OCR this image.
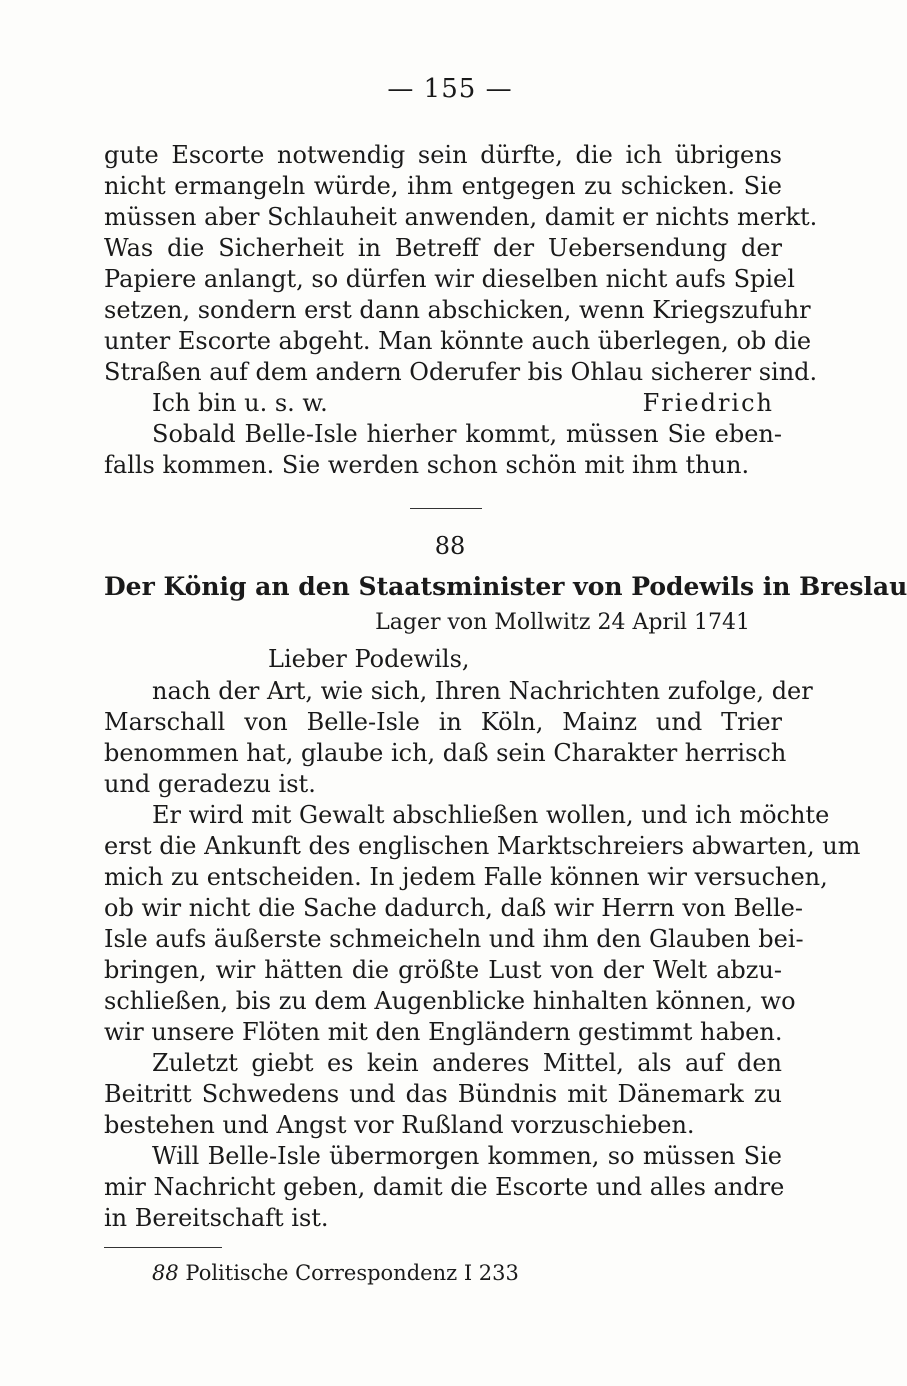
— 155 —
gute Escorte notwendig sein dürfte, die ich übrigens
nicht ermangeln würde, ihm entgegen zu schicken. Sie
müssen aber Schlauheit anwenden, damit er nichts merkt.
Was die Sicherheit in Betreff der Uebersendung der
Papiere anlangt, so dürfen wir dieselben nicht aufs Spiel
setzen, sondern erst dann abschicken, wenn Kriegszufuhr
unter Escorte abgeht. Man könnte auch überlegen, ob die
Straßen auf dem andern Oderufer bis Ohlau sicherer sind.
Ich bin u. s. w.	Friedrich
Sobald Belle-Isle hierher kommt, müssen Sie eben-
falls kommen. Sie werden schon schön mit ihm thun.
88
Der König an den Staatsminister von Podewils in Breslau
Lager von Mollwitz 24 April 1741
Lieber Podewils,
nach der Art, wie sich, Ihren Nachrichten zufolge, der
Marschall von Belle-Isle in Köln, Mainz und Trier
benommen hat, glaube ich, daß sein Charakter herrisch
und geradezu ist.
Er wird mit Gewalt abschließen wollen, und ich möchte
erst die Ankunft des englischen Marktschreiers abwarten, um
mich zu entscheiden. In jedem Falle können wir versuchen,
ob wir nicht die Sache dadurch, daß wir Herrn von Belle-
Isle aufs äußerste schmeicheln und ihm den Glauben bei-
bringen, wir hätten die größte Lust von der Welt abzu-
schließen, bis zu dem Augenblicke hinhalten können, wo
wir unsere Flöten mit den Engländern gestimmt haben.
Zuletzt giebt es kein anderes Mittel, als auf den
Beitritt Schwedens und das Bündnis mit Dänemark zu
bestehen und Angst vor Rußland vorzuschieben.
Will Belle-Isle übermorgen kommen, so müssen Sie
mir Nachricht geben, damit die Escorte und alles andre
in Bereitschaft ist.
88 Politische Correspondenz I 233
